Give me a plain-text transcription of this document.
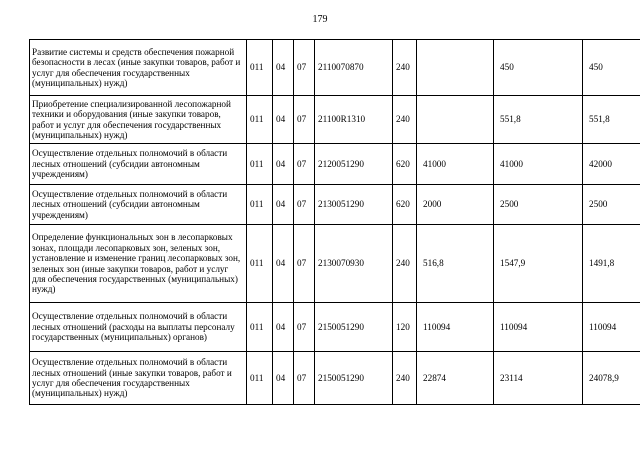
179
Развитие системы и средств обеспечения пожарной безопасности в лесах (иные закупки товаров, работ и услуг для обеспечения государственных (муниципальных) нужд)	011	04	07	2110070870	240		450	450
Приобретение специализированной лесопожарной техники и оборудования (иные закупки товаров, работ и услуг для обеспечения государственных (муниципальных) нужд)	011	04	07	21100R1310	240		551,8	551,8
Осуществление отдельных полномочий в области лесных отношений (субсидии автономным учреждениям)	011	04	07	2120051290	620	41000	41000	42000
Осуществление отдельных полномочий в области лесных отношений (субсидии автономным учреждениям)	011	04	07	2130051290	620	2000	2500	2500
Определение функциональных зон в лесопарковых зонах, площади лесопарковых зон, зеленых зон, установление и изменение границ лесопарковых зон, зеленых зон (иные закупки товаров, работ и услуг для обеспечения государственных (муниципальных) нужд)	011	04	07	2130070930	240	516,8	1547,9	1491,8
Осуществление отдельных полномочий в области лесных отношений (расходы на выплаты персоналу государственных (муниципальных) органов)	011	04	07	2150051290	120	110094	110094	110094
Осуществление отдельных полномочий в области лесных отношений (иные закупки товаров, работ и услуг для обеспечения государственных (муниципальных) нужд)	011	04	07	2150051290	240	22874	23114	24078,9
